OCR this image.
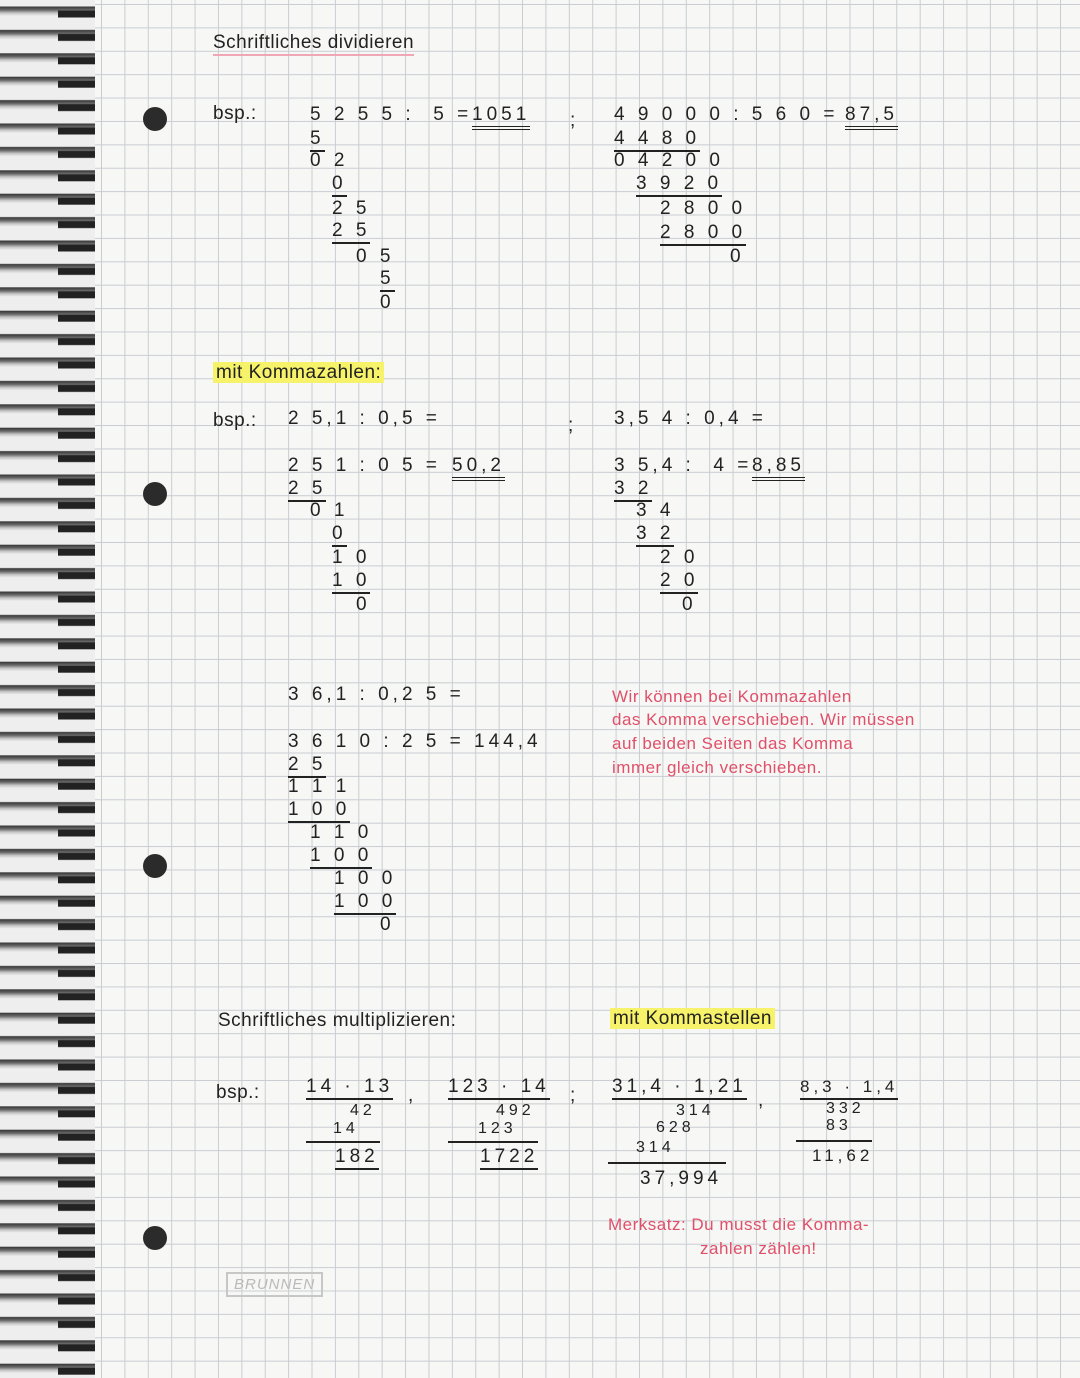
Schriftliches dividieren
bsp.:	5 2 5 5 :  5 = 1051
5
0 2
0
2 5
2 5
0 5
5
0
; 4 9 0 0 0 : 5 6 0 = 87,5
4 4 8 0
0 4 2 0 0
3 9 2 0
2 8 0 0
2 8 0 0
0
mit Kommazahlen:
bsp.: 2 5,1 : 0,5 =	; 3,5 4 : 0,4 =
2 5 1 : 0 5 = 50,2
2 5
0 1
0
1 0
1 0
0
3 5,4 :  4 = 8,85
3 2
3 4
3 2
2 0
2 0
0
3 6,1 : 0,2 5 =
3 6 1 0 : 2 5 = 144,4
2 5
1 1 1
1 0 0
1 1 0
1 0 0
1 0 0
1 0 0
0
Wir können bei Kommazahlen
das Komma verschieben. Wir müssen
auf beiden Seiten das Komma
immer gleich verschieben.
Schriftliches multiplizieren:	mit Kommastellen
bsp.: 14 · 13
42
14
182
, 123 · 14
492
123
1722
; 31,4 · 1,21
314
628
314
37,994
,
8,3 · 1,4
332
83
11,62
Merksatz: Du musst die Komma-
zahlen zählen!
BRUNNEN
